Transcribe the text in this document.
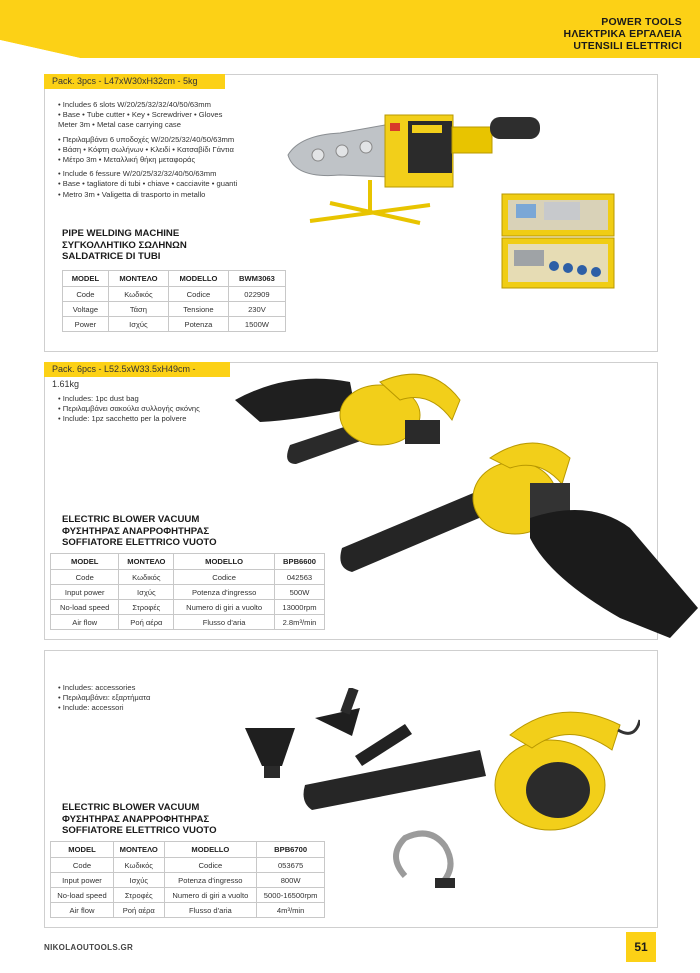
POWER TOOLS
ΗΛΕΚΤΡΙΚΑ ΕΡΓΑΛΕΙΑ
UTENSILI ELETTRICI
Pack. 3pcs - L47xW30xH32cm - 5kg
• Includes 6 slots W/20/25/32/32/40/50/63mm
• Base • Tube cutter • Key • Screwdriver • Gloves
Meter 3m • Metal case carrying case
• Περιλαμβάνει 6 υποδοχές W/20/25/32/40/50/63mm
• Βάση • Κόφτη σωλήνων • Κλειδί • Κατσαβίδι Γάντια
• Μέτρο 3m • Μεταλλική θήκη μεταφοράς
• Include 6 fessure W/20/25/32/32/40/50/63mm
• Base • tagliatore di tubi • chiave • cacciavite • guanti
• Metro 3m • Valigetta di trasporto in metallo
PIPE WELDING MACHINE
ΣΥΓΚΟΛΛΗΤΙΚΟ ΣΩΛΗΝΩΝ
SALDATRICE DI TUBI
MODEL	ΜΟΝΤΕΛΟ	MODELLO	BWM3063
Code	Κωδικός	Codice	022909
Voltage	Τάση	Tensione	230V
Power	Ισχύς	Potenza	1500W
Pack. 6pcs - L52.5xW33.5xH49cm - 1.61kg
• Includes: 1pc dust bag
• Περιλαμβάνει σακούλα συλλογής σκόνης
• Include: 1pz sacchetto per la polvere
ELECTRIC BLOWER VACUUM
ΦΥΣΗΤΗΡΑΣ ΑΝΑΡΡΟΦΗΤΗΡΑΣ
SOFFIATORE ELETTRICO VUOTO
MODEL	ΜΟΝΤΕΛΟ	MODELLO	BPB6600
Code	Κωδικός	Codice	042563
Input power	Ισχύς	Potenza d'ingresso	500W
No-load speed	Στροφές	Numero di giri a vuolto	13000rpm
Air flow	Ροή αέρα	Flusso d'aria	2.8m³/min
• Includes: accessories
• Περιλαμβάνει: εξαρτήματα
• Include: accessori
ELECTRIC BLOWER VACUUM
ΦΥΣΗΤΗΡΑΣ ΑΝΑΡΡΟΦΗΤΗΡΑΣ
SOFFIATORE ELETTRICO VUOTO
MODEL	ΜΟΝΤΕΛΟ	MODELLO	BPB6700
Code	Κωδικός	Codice	053675
Input power	Ισχύς	Potenza d'ingresso	800W
No-load speed	Στροφές	Numero di giri a vuolto	5000-16500rpm
Air flow	Ροή αέρα	Flusso d'aria	4m³/min
NIKOLAOUTOOLS.GR	51
